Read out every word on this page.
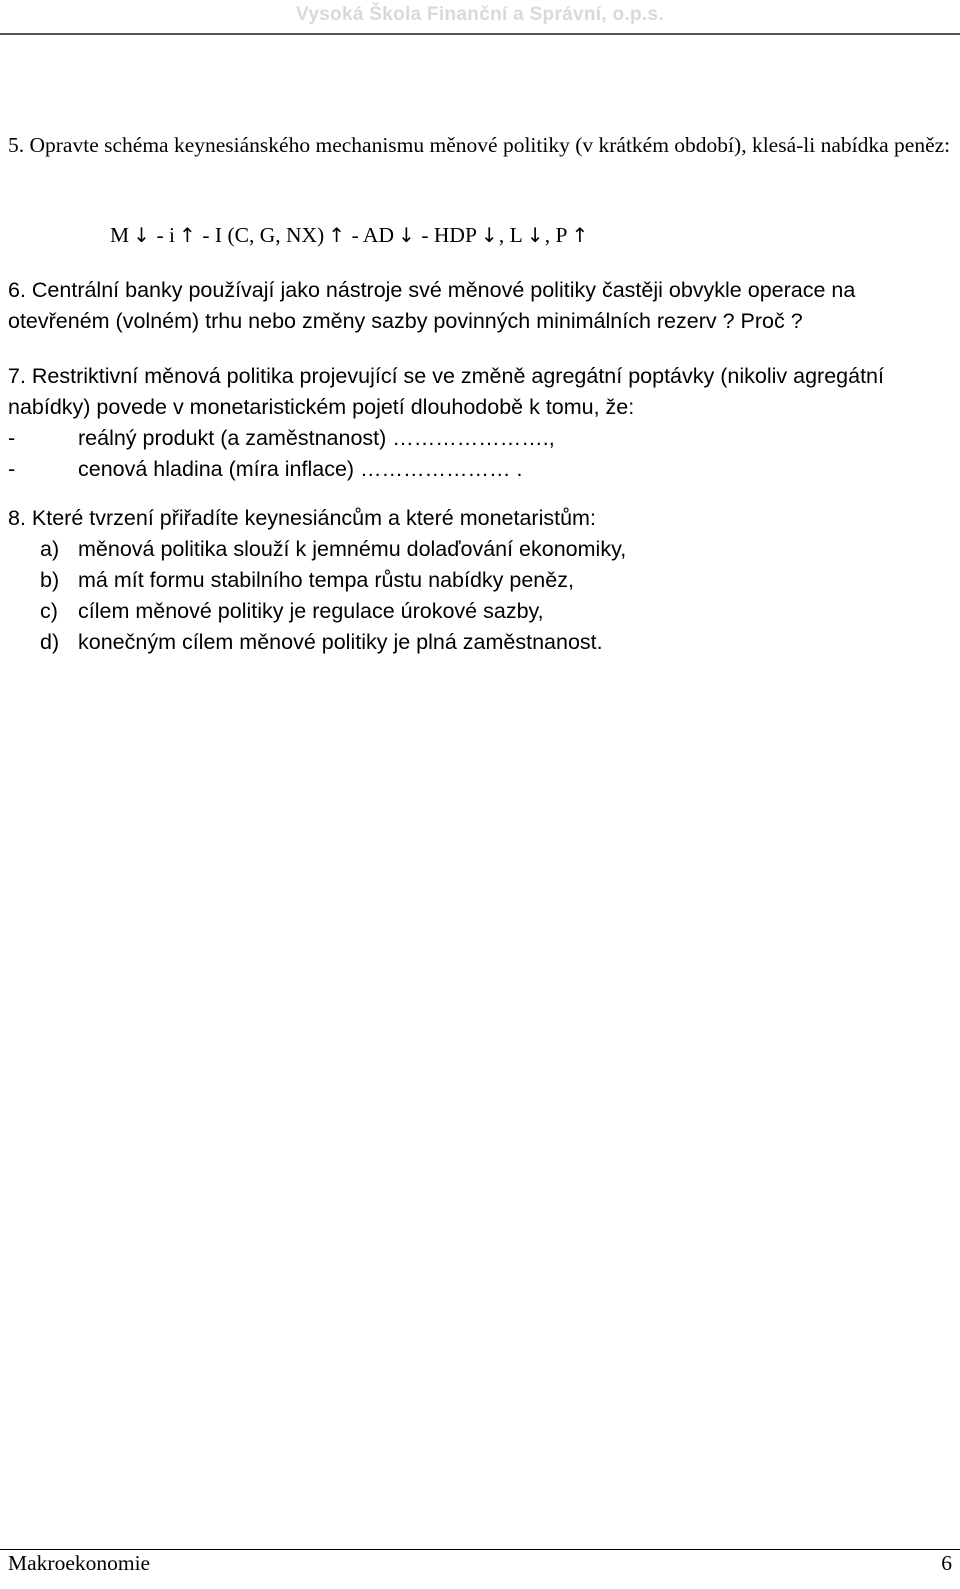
Vysoká Škola Finanční a Správní, o.p.s.

5. Opravte schéma keynesiánského mechanismu měnové politiky (v krátkém období), klesá-li nabídka peněz:

M ↓ - i ↑ - I (C, G, NX) ↑ - AD ↓ - HDP ↓, L ↓, P ↑

6. Centrální banky používají jako nástroje své měnové politiky častěji obvykle operace na otevřeném (volném) trhu nebo změny sazby povinných minimálních rezerv ? Proč ?

7. Restriktivní měnová politika projevující se ve změně agregátní poptávky (nikoliv agregátní nabídky) povede v monetaristickém pojetí dlouhodobě k tomu, že:

-	reálný produkt (a zaměstnanost) ………………….,
-	cenová hladina (míra inflace) ………………… .

8. Které tvrzení přiřadíte keynesiáncům a které monetaristům:

a) měnová politika slouží k jemnému dolaďování ekonomiky,
b) má mít formu stabilního tempa růstu nabídky peněz,
c) cílem měnové politiky je regulace úrokové sazby,
d) konečným cílem měnové politiky je plná zaměstnanost.
Makroekonomie	6
